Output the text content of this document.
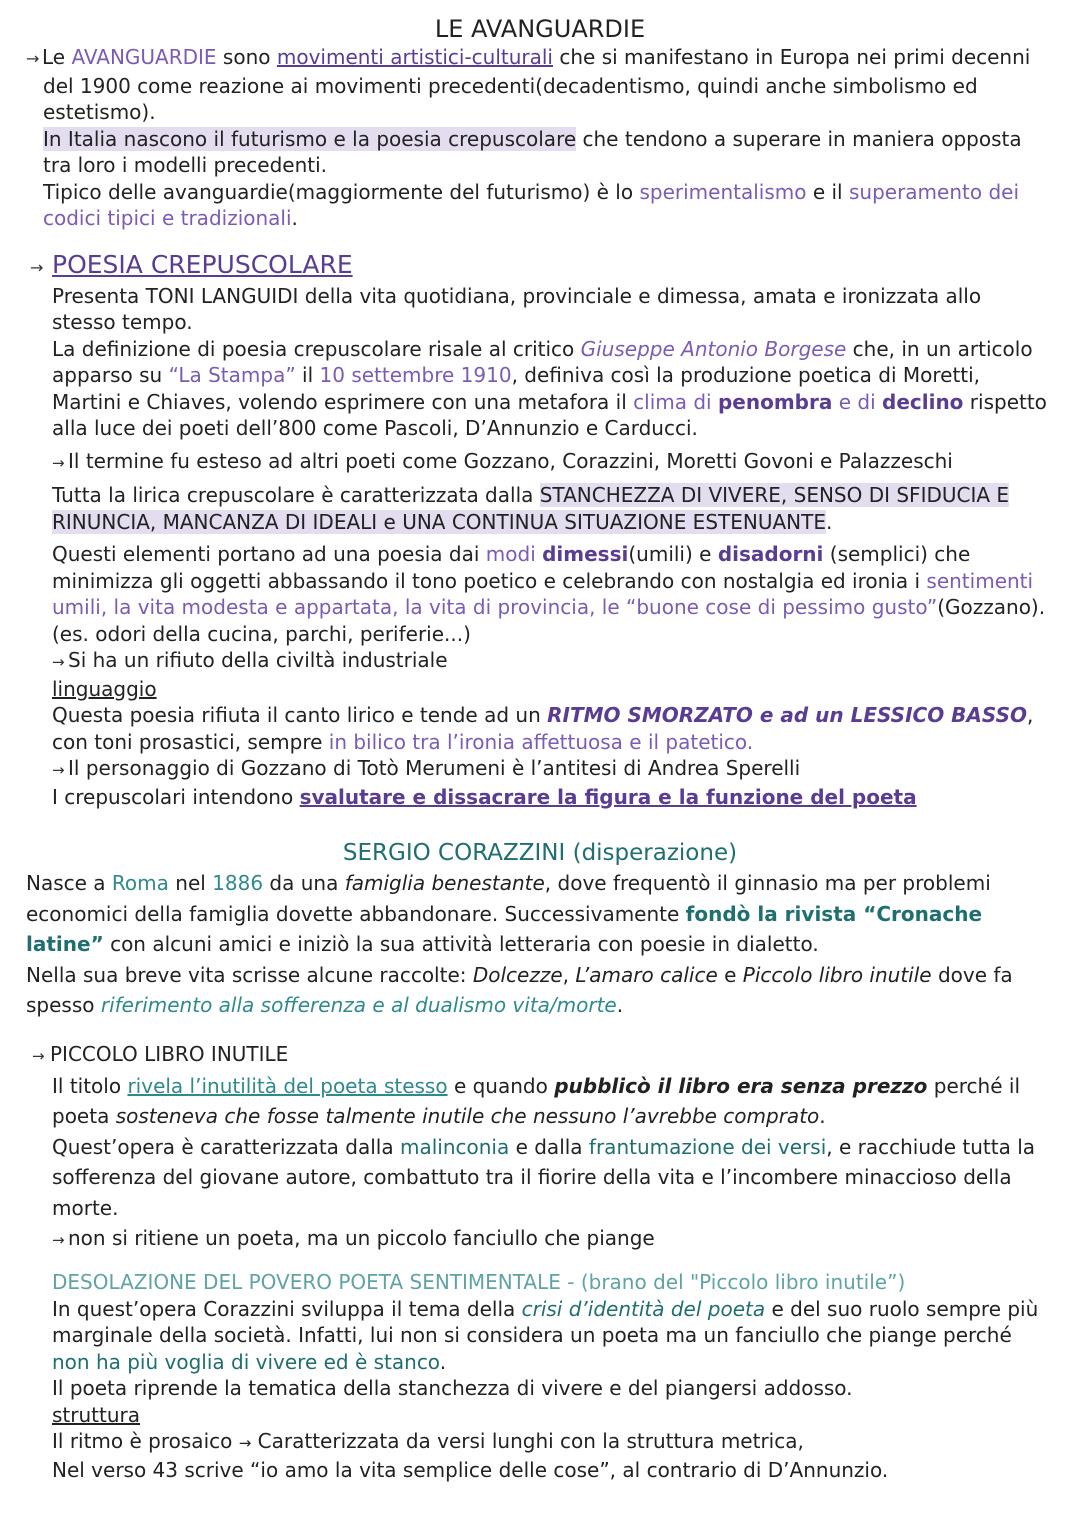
LE AVANGUARDIE

→ Le AVANGUARDIE sono movimenti artistici-culturali che si manifestano in Europa nei primi decenni del 1900 come reazione ai movimenti precedenti(decadentismo, quindi anche simbolismo ed estetismo).

In Italia nascono il futurismo e la poesia crepuscolare che tendono a superare in maniera opposta tra loro i modelli precedenti.

Tipico delle avanguardie(maggiormente del futurismo) è lo sperimentalismo e il superamento dei codici tipici e tradizionali.

→ POESIA CREPUSCOLARE

Presenta TONI LANGUIDI della vita quotidiana, provinciale e dimessa, amata e ironizzata allo stesso tempo.

La definizione di poesia crepuscolare risale al critico Giuseppe Antonio Borgese che, in un articolo apparso su “La Stampa” il 10 settembre 1910, definiva così la produzione poetica di Moretti, Martini e Chiaves, volendo esprimere con una metafora il clima di penombra e di declino rispetto alla luce dei poeti dell’800 come Pascoli, D’Annunzio e Carducci.

→ Il termine fu esteso ad altri poeti come Gozzano, Corazzini, Moretti Govoni e Palazzeschi

Tutta la lirica crepuscolare è caratterizzata dalla STANCHEZZA DI VIVERE, SENSO DI SFIDUCIA E RINUNCIA, MANCANZA DI IDEALI e UNA CONTINUA SITUAZIONE ESTENUANTE.

Questi elementi portano ad una poesia dai modi dimessi(umili) e disadorni (semplici) che minimizza gli oggetti abbassando il tono poetico e celebrando con nostalgia ed ironia i sentimenti umili, la vita modesta e appartata, la vita di provincia, le “buone cose di pessimo gusto”(Gozzano). (es. odori della cucina, parchi, periferie...)

→ Si ha un rifiuto della civiltà industriale

linguaggio

Questa poesia rifiuta il canto lirico e tende ad un RITMO SMORZATO e ad un LESSICO BASSO, con toni prosastici, sempre in bilico tra l’ironia affettuosa e il patetico.

→ Il personaggio di Gozzano di Totò Merumeni è l’antitesi di Andrea Sperelli

I crepuscolari intendono svalutare e dissacrare la figura e la funzione del poeta

SERGIO CORAZZINI (disperazione)

Nasce a Roma nel 1886 da una famiglia benestante, dove frequentò il ginnasio ma per problemi economici della famiglia dovette abbandonare. Successivamente fondò la rivista “Cronache latine” con alcuni amici e iniziò la sua attività letteraria con poesie in dialetto.

Nella sua breve vita scrisse alcune raccolte: Dolcezze, L’amaro calice e Piccolo libro inutile dove fa spesso riferimento alla sofferenza e al dualismo vita/morte.

→ PICCOLO LIBRO INUTILE

Il titolo rivela l’inutilità del poeta stesso e quando pubblicò il libro era senza prezzo perché il poeta sosteneva che fosse talmente inutile che nessuno l’avrebbe comprato.

Quest’opera è caratterizzata dalla malinconia e dalla frantumazione dei versi, e racchiude tutta la sofferenza del giovane autore, combattuto tra il fiorire della vita e l’incombere minaccioso della morte.

→ non si ritiene un poeta, ma un piccolo fanciullo che piange

DESOLAZIONE DEL POVERO POETA SENTIMENTALE - (brano del "Piccolo libro inutile”)

In quest’opera Corazzini sviluppa il tema della crisi d’identità del poeta e del suo ruolo sempre più marginale della società. Infatti, lui non si considera un poeta ma un fanciullo che piange perché non ha più voglia di vivere ed è stanco.

Il poeta riprende la tematica della stanchezza di vivere e del piangersi addosso.

struttura

Il ritmo è prosaico → Caratterizzata da versi lunghi con la struttura metrica,

Nel verso 43 scrive “io amo la vita semplice delle cose”, al contrario di D’Annunzio.
